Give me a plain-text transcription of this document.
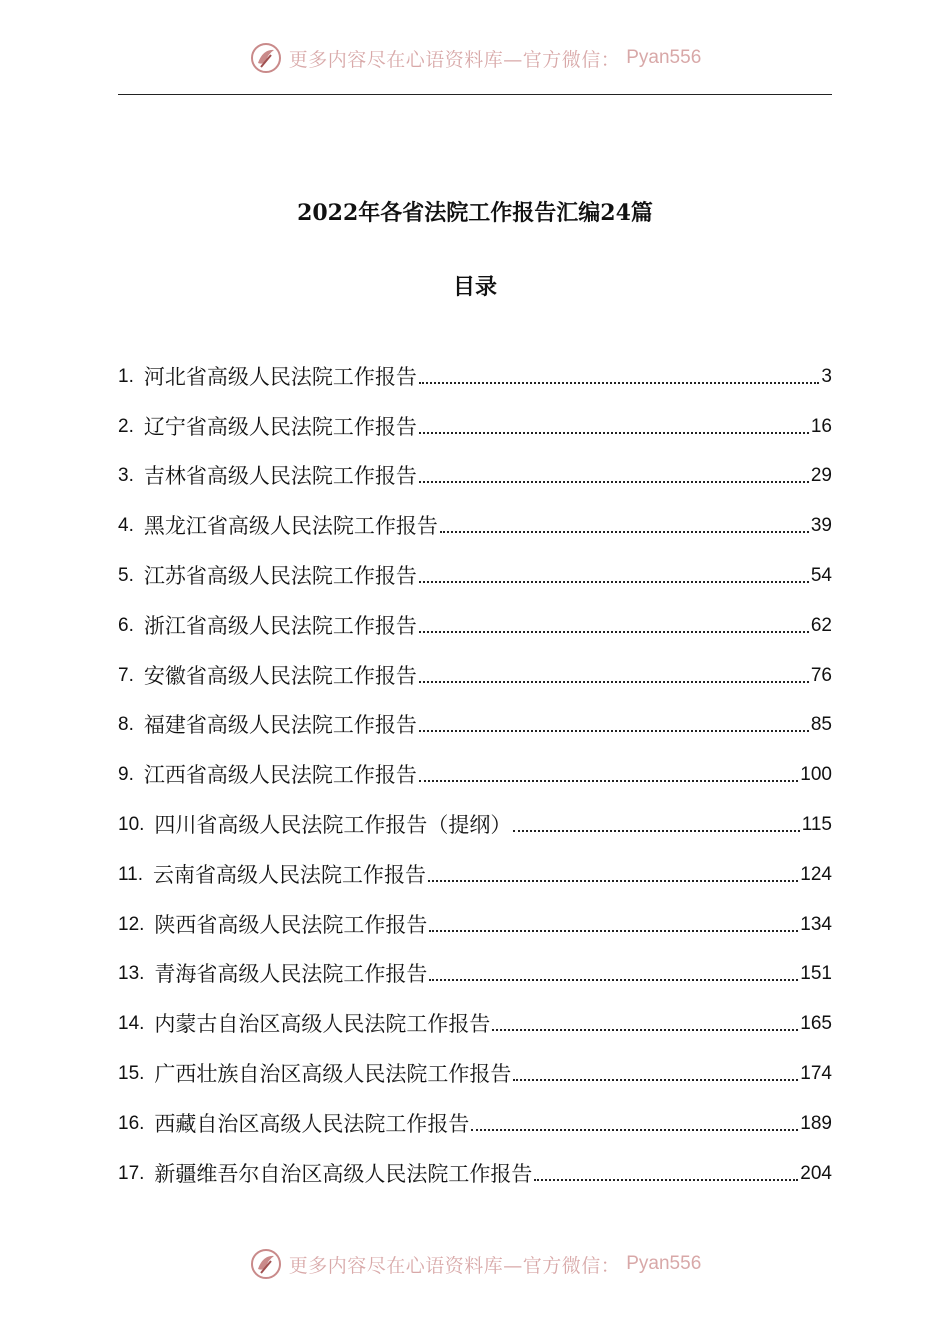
更多内容尽在心语资料库—官方微信： Pyan556
2022年各省法院工作报告汇编24篇
目录
1. 河北省高级人民法院工作报告	3
2. 辽宁省高级人民法院工作报告	16
3. 吉林省高级人民法院工作报告	29
4. 黑龙江省高级人民法院工作报告	39
5. 江苏省高级人民法院工作报告	54
6. 浙江省高级人民法院工作报告	62
7. 安徽省高级人民法院工作报告	76
8. 福建省高级人民法院工作报告	85
9. 江西省高级人民法院工作报告	100
10. 四川省高级人民法院工作报告（提纲）	115
11. 云南省高级人民法院工作报告	124
12. 陕西省高级人民法院工作报告	134
13. 青海省高级人民法院工作报告	151
14. 内蒙古自治区高级人民法院工作报告	165
15. 广西壮族自治区高级人民法院工作报告	174
16. 西藏自治区高级人民法院工作报告	189
17. 新疆维吾尔自治区高级人民法院工作报告	204
更多内容尽在心语资料库—官方微信： Pyan556
